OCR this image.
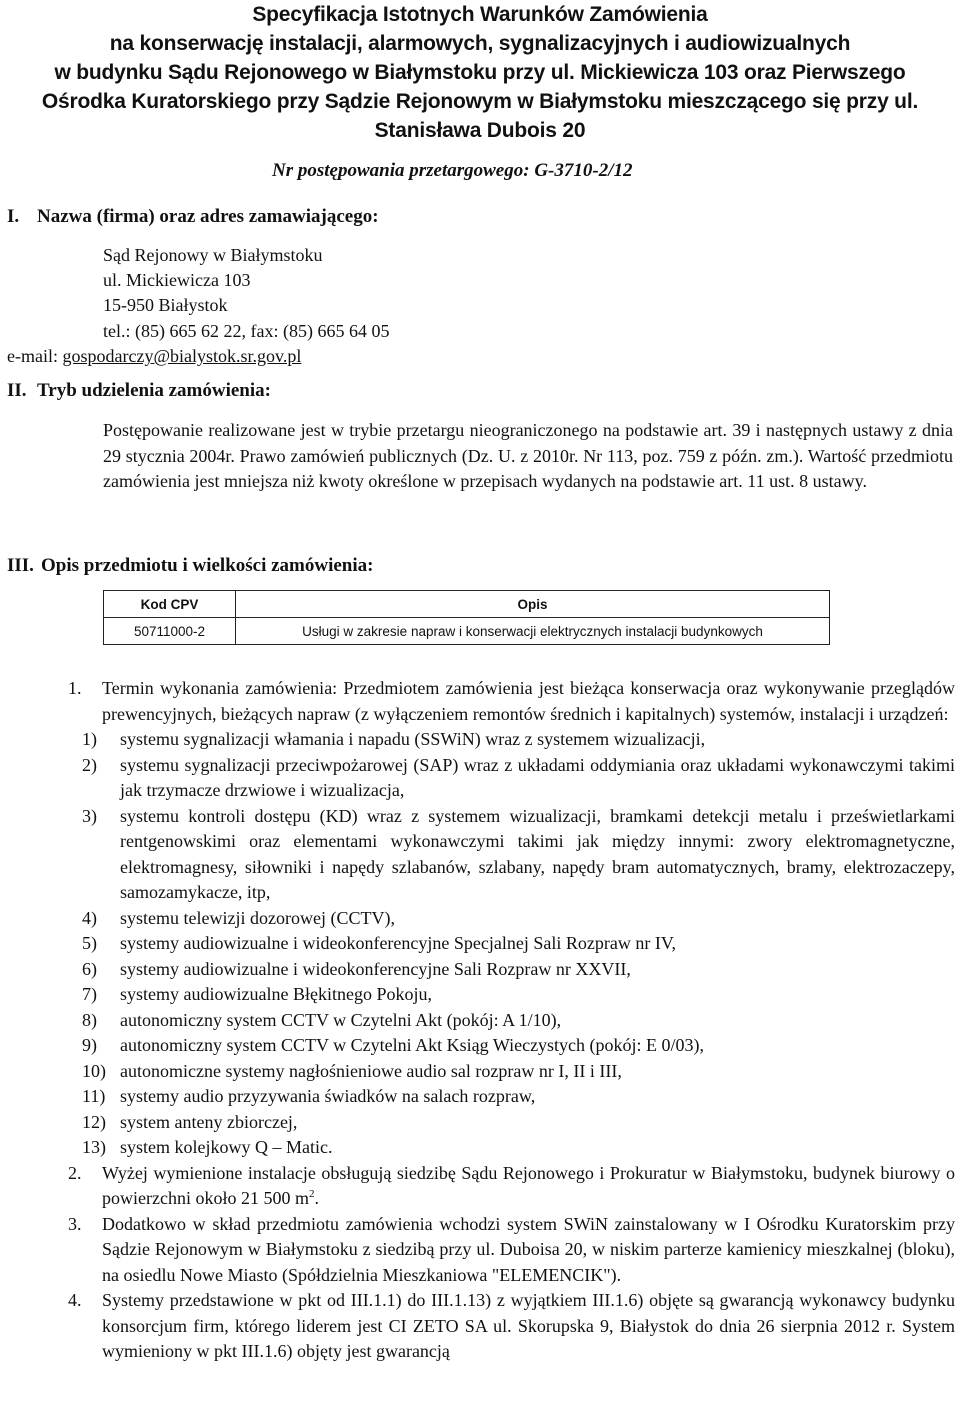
Specyfikacja Istotnych Warunków Zamówienia
na konserwację instalacji, alarmowych, sygnalizacyjnych i audiowizualnych
w budynku Sądu Rejonowego w Białymstoku przy ul. Mickiewicza 103 oraz Pierwszego
Ośrodka Kuratorskiego przy Sądzie Rejonowym w Białymstoku mieszczącego się przy ul.
Stanisława Dubois 20
Nr postępowania przetargowego: G-3710-2/12
I. Nazwa (firma) oraz adres zamawiającego:
Sąd Rejonowy w Białymstoku
ul. Mickiewicza 103
15-950 Białystok
tel.: (85) 665 62 22, fax: (85) 665 64 05
e-mail: gospodarczy@bialystok.sr.gov.pl
II. Tryb udzielenia zamówienia:
Postępowanie realizowane jest w trybie przetargu nieograniczonego na podstawie art. 39 i następnych ustawy z dnia 29 stycznia 2004r. Prawo zamówień publicznych (Dz. U. z 2010r. Nr 113, poz. 759 z późn. zm.). Wartość przedmiotu zamówienia jest mniejsza niż kwoty określone w przepisach wydanych na podstawie art. 11 ust. 8 ustawy.
III. Opis przedmiotu i wielkości zamówienia:
Kod CPV	Opis
50711000-2	Usługi w zakresie napraw i konserwacji elektrycznych instalacji budynkowych
1. Termin wykonania zamówienia: Przedmiotem zamówienia jest bieżąca konserwacja oraz wykonywanie przeglądów prewencyjnych, bieżących napraw (z wyłączeniem remontów średnich i kapitalnych) systemów, instalacji i urządzeń:
1) systemu sygnalizacji włamania i napadu (SSWiN) wraz z systemem wizualizacji,
2) systemu sygnalizacji przeciwpożarowej (SAP) wraz z układami oddymiania oraz układami wykonawczymi takimi jak trzymacze drzwiowe i wizualizacja,
3) systemu kontroli dostępu (KD) wraz z systemem wizualizacji, bramkami detekcji metalu i prześwietlarkami rentgenowskimi oraz elementami wykonawczymi takimi jak między innymi: zwory elektromagnetyczne, elektromagnesy, siłowniki i napędy szlabanów, szlabany, napędy bram automatycznych, bramy, elektrozaczepy, samozamykacze, itp,
4) systemu telewizji dozorowej (CCTV),
5) systemy audiowizualne i wideokonferencyjne Specjalnej Sali Rozpraw nr IV,
6) systemy audiowizualne i wideokonferencyjne Sali Rozpraw nr XXVII,
7) systemy audiowizualne Błękitnego Pokoju,
8) autonomiczny system CCTV w Czytelni Akt (pokój: A 1/10),
9) autonomiczny system CCTV w Czytelni Akt Ksiąg Wieczystych (pokój: E 0/03),
10) autonomiczne systemy nagłośnieniowe audio sal rozpraw nr I, II i III,
11) systemy audio przyzywania świadków na salach rozpraw,
12) system anteny zbiorczej,
13) system kolejkowy Q – Matic.
2. Wyżej wymienione instalacje obsługują siedzibę Sądu Rejonowego i Prokuratur w Białymstoku, budynek biurowy o powierzchni około 21 500 $m^2$.
3. Dodatkowo w skład przedmiotu zamówienia wchodzi system SWiN zainstalowany w I Ośrodku Kuratorskim przy Sądzie Rejonowym w Białymstoku z siedzibą przy ul. Duboisa 20, w niskim parterze kamienicy mieszkalnej (bloku), na osiedlu Nowe Miasto (Spółdzielnia Mieszkaniowa "ELEMENCIK").
4. Systemy przedstawione w pkt od III.1.1) do III.1.13) z wyjątkiem III.1.6) objęte są gwarancją wykonawcy budynku konsorcjum firm, którego liderem jest CI ZETO SA ul. Skorupska 9, Białystok do dnia 26 sierpnia 2012 r. System wymieniony w pkt III.1.6) objęty jest gwarancją
